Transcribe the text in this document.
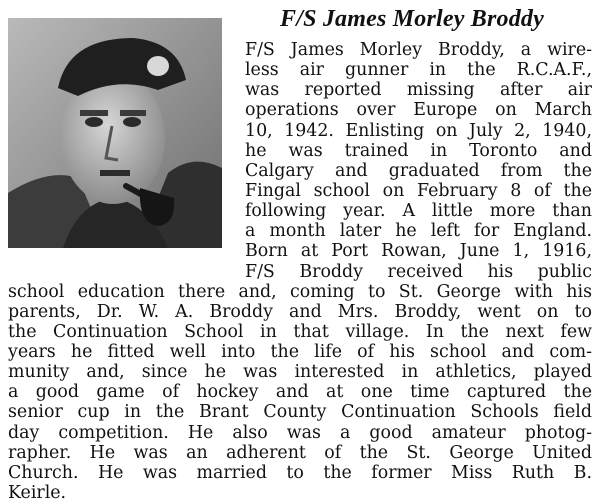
F/S James Morley Broddy

F/S James Morley Broddy, a wire-

less air gunner in the R.C.A.F.,

was reported missing after air

operations over Europe on March

10, 1942. Enlisting on July 2, 1940,

he was trained in Toronto and

Calgary and graduated from the

Fingal school on February 8 of the

following year. A little more than

a month later he left for England.

Born at Port Rowan, June 1, 1916,

F/S Broddy received his public

school education there and, coming to St. George with his

parents, Dr. W. A. Broddy and Mrs. Broddy, went on to

the Continuation School in that village. In the next few

years he fitted well into the life of his school and com-

munity and, since he was interested in athletics, played

a good game of hockey and at one time captured the

senior cup in the Brant County Continuation Schools field

day competition. He also was a good amateur photog-

rapher. He was an adherent of the St. George United

Church. He was married to the former Miss Ruth B.

Keirle.
